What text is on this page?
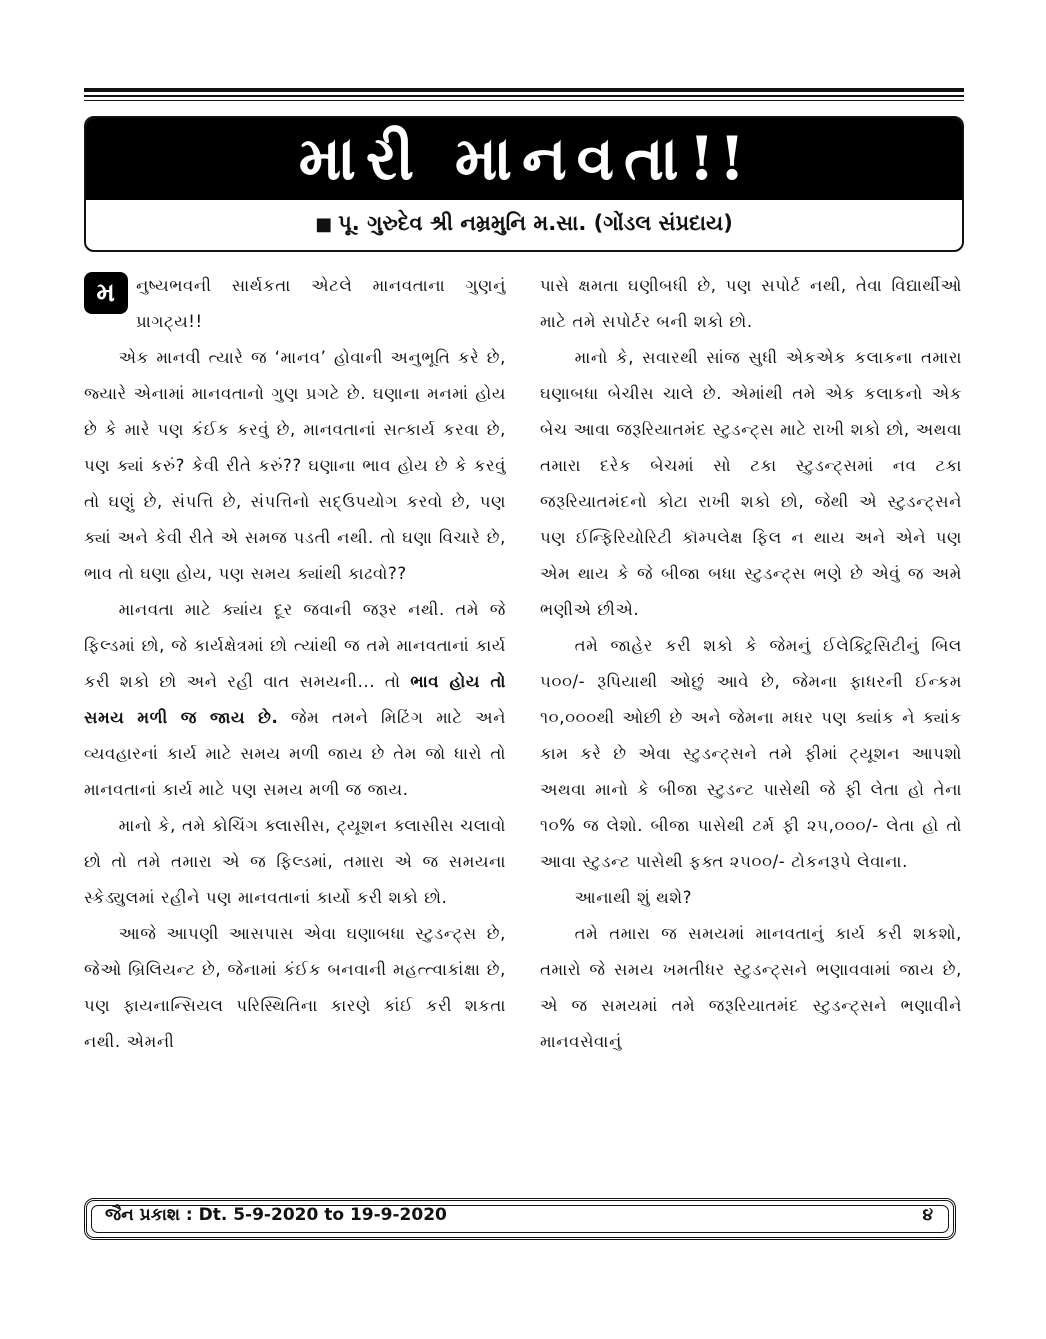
મારી માનવતા!!
■ પૂ. ગુરુદેવ શ્રી નમ્રમુનિ મ.સા. (ગોંડલ સંપ્રદાય)

મ	નુષ્યભવની સાર્થકતા એટલે માનવતાના ગુણનું પ્રાગટ્ય!!

એક માનવી ત્યારે જ ‘માનવ’ હોવાની અનુભૂતિ કરે છે, જ્યારે એનામાં માનવતાનો ગુણ પ્રગટે છે. ઘણાના મનમાં હોય છે કે મારે પણ કંઈક કરવું છે, માનવતાનાં સત્કાર્ય કરવા છે, પણ ક્યાં કરું? કેવી રીતે કરું?? ઘણાના ભાવ હોય છે કે કરવું તો ઘણું છે, સંપત્તિ છે, સંપત્તિનો સદ્ઉપયોગ કરવો છે, પણ ક્યાં અને કેવી રીતે એ સમજ પડતી નથી. તો ઘણા વિચારે છે, ભાવ તો ઘણા હોય, પણ સમય ક્યાંથી કાઢવો??

માનવતા માટે ક્યાંય દૂર જવાની જરૂર નથી. તમે જે ફિલ્ડમાં છો, જે કાર્યક્ષેત્રમાં છો ત્યાંથી જ તમે માનવતાનાં કાર્ય કરી શકો છો અને રહી વાત સમયની... તો ભાવ હોય તો સમય મળી જ જાય છે. જેમ તમને મિટિંગ માટે અને વ્યવહારનાં કાર્ય માટે સમય મળી જાય છે તેમ જો ધારો તો માનવતાનાં કાર્ય માટે પણ સમય મળી જ જાય.

માનો કે, તમે કોચિંગ ક્લાસીસ, ટ્યૂશન ક્લાસીસ ચલાવો છો તો તમે તમારા એ જ ફિલ્ડમાં, તમારા એ જ સમયના સ્કેડ્યુલમાં રહીને પણ માનવતાનાં કાર્યો કરી શકો છો.

આજે આપણી આસપાસ એવા ઘણાબધા સ્ટુડન્ટ્સ છે, જેઓ બ્રિલિયન્ટ છે, જેનામાં કંઈક બનવાની મહત્ત્વાકાંક્ષા છે, પણ ફાયનાન્સિયલ પરિસ્થિતિના કારણે કાંઈ કરી શકતા નથી. એમની

પાસે ક્ષમતા ઘણીબધી છે, પણ સપોર્ટ નથી, તેવા વિદ્યાર્થીઓ માટે તમે સપોર્ટર બની શકો છો.

માનો કે, સવારથી સાંજ સુધી એકએક કલાકના તમારા ઘણાબધા બેચીસ ચાલે છે. એમાંથી તમે એક કલાકનો એક બેચ આવા જરૂરિયાતમંદ સ્ટુડન્ટ્સ માટે રાખી શકો છો, અથવા તમારા દરેક બેચમાં સો ટકા સ્ટુડન્ટ્સમાં નવ ટકા જરૂરિયાતમંદનો કોટા રાખી શકો છો, જેથી એ સ્ટુડન્ટ્સને પણ ઈન્ફિરિયોરિટી કૉમ્પલેક્ષ ફિલ ન થાય અને એને પણ એમ થાય કે જે બીજા બધા સ્ટુડન્ટ્સ ભણે છે એવું જ અમે ભણીએ છીએ.

તમે જાહેર કરી શકો કે જેમનું ઈલેક્ટ્રિસિટીનું બિલ ૫૦૦/- રૂપિયાથી ઓછું આવે છે, જેમના ફાધરની ઈન્કમ ૧૦,૦૦૦થી ઓછી છે અને જેમના મધર પણ ક્યાંક ને ક્યાંક કામ કરે છે એવા સ્ટુડન્ટ્સને તમે ફીમાં ટ્યૂશન આપશો અથવા માનો કે બીજા સ્ટુડન્ટ પાસેથી જે ફી લેતા હો તેના ૧૦% જ લેશો. બીજા પાસેથી ટર્મ ફી ૨૫,૦૦૦/- લેતા હો તો આવા સ્ટુડન્ટ પાસેથી ફક્ત ૨૫૦૦/- ટોકનરૂપે લેવાના.

આનાથી શું થશે?

તમે તમારા જ સમયમાં માનવતાનું કાર્ય કરી શકશો, તમારો જે સમય ખમતીધર સ્ટુડન્ટ્સને ભણાવવામાં જાય છે, એ જ સમયમાં તમે જરૂરિયાતમંદ સ્ટુડન્ટ્સને ભણાવીને માનવસેવાનું

જૈન પ્રકાશ : Dt. 5-9-2020 to 19-9-2020	૪
